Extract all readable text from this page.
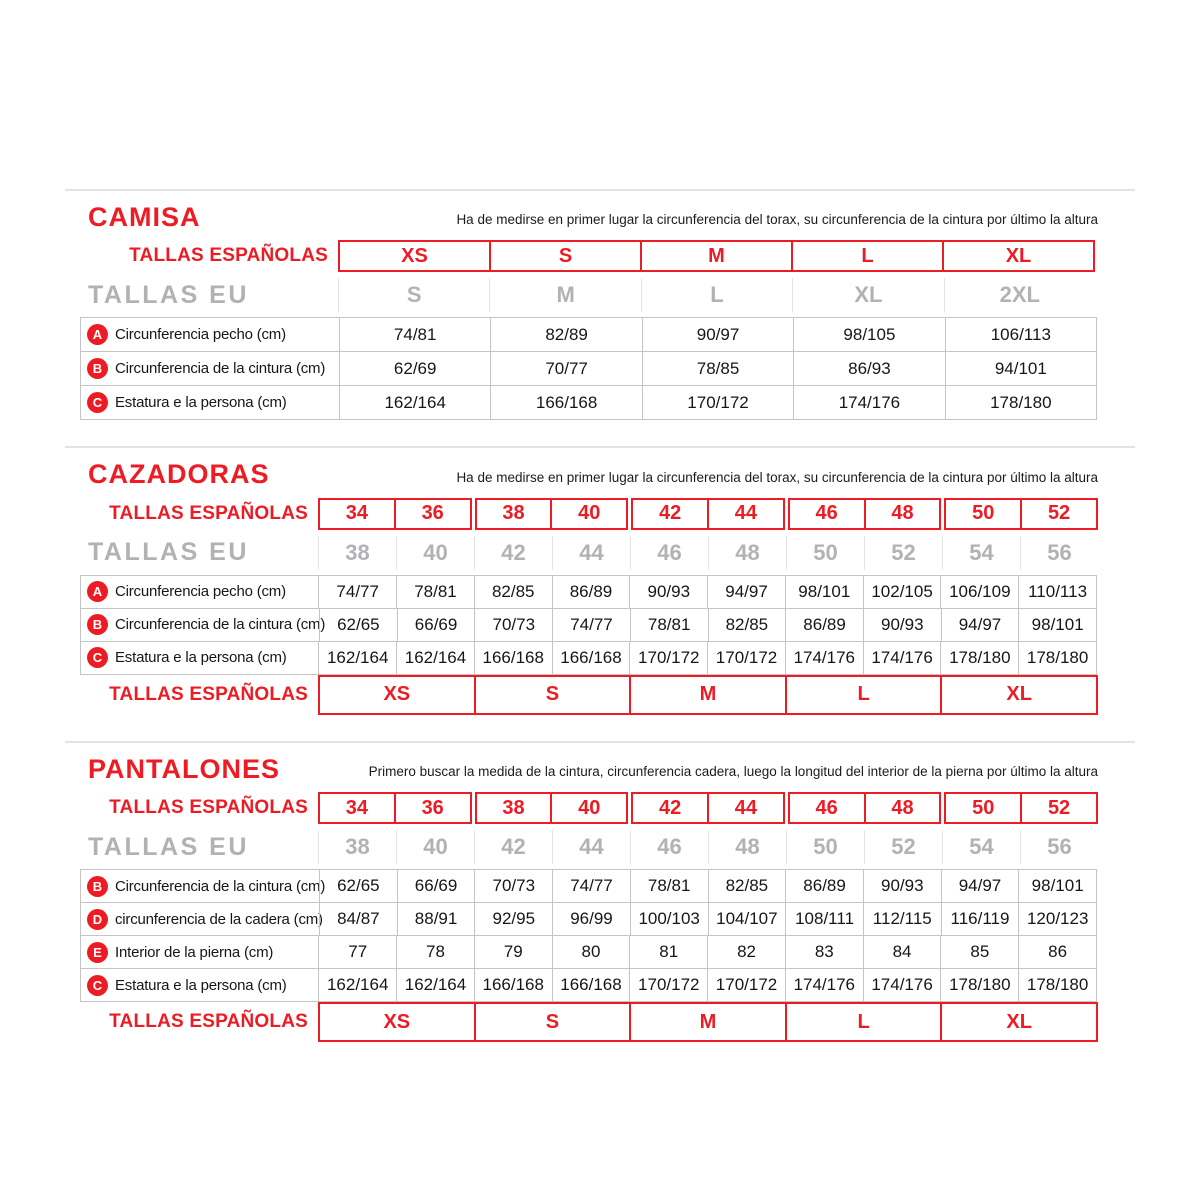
CAMISA	Ha de medirse en primer lugar la circunferencia del torax, su circunferencia de la cintura por último la altura

TALLAS ESPAÑOLAS	XS	S	M	L	XL
TALLAS EU	S	M	L	XL	2XL
A Circunferencia pecho (cm)	74/81	82/89	90/97	98/105	106/113
B Circunferencia de la cintura (cm)	62/69	70/77	78/85	86/93	94/101
C Estatura e la persona (cm)	162/164	166/168	170/172	174/176	178/180
CAZADORAS	Ha de medirse en primer lugar la circunferencia del torax, su circunferencia de la cintura por último la altura

TALLAS ESPAÑOLAS	34	36	38	40	42	44	46	48	50	52
TALLAS EU	38	40	42	44	46	48	50	52	54	56
A Circunferencia pecho (cm)	74/77	78/81	82/85	86/89	90/93	94/97	98/101	102/105 106/109	110/113
B Circunferencia de la cintura (cm) 62/65	66/69	70/73	74/77	78/81	82/85	86/89	90/93	94/97	98/101
C Estatura e la persona (cm)	162/164 162/164 166/168 166/168 170/172 170/172 174/176 174/176 178/180 178/180
TALLAS ESPAÑOLAS	XS	S	M	L	XL
PANTALONES	Primero buscar la medida de la cintura, circunferencia cadera, luego la longitud del interior de la pierna por último la altura

TALLAS ESPAÑOLAS	34	36	38	40	42	44	46	48	50	52
TALLAS EU	38	40	42	44	46	48	50	52	54	56
B Circunferencia de la cintura (cm) 62/65	66/69	70/73	74/77	78/81	82/85	86/89	90/93	94/97	98/101
D circunferencia de la cadera (cm) 84/87	88/91	92/95	96/99	100/103 104/107	108/111	112/115	116/119	120/123
E Interior de la pierna (cm)	77	78	79	80	81	82	83	84	85	86
C Estatura e la persona (cm)	162/164 162/164 166/168 166/168 170/172 170/172 174/176 174/176 178/180 178/180
TALLAS ESPAÑOLAS	XS	S	M	L	XL
